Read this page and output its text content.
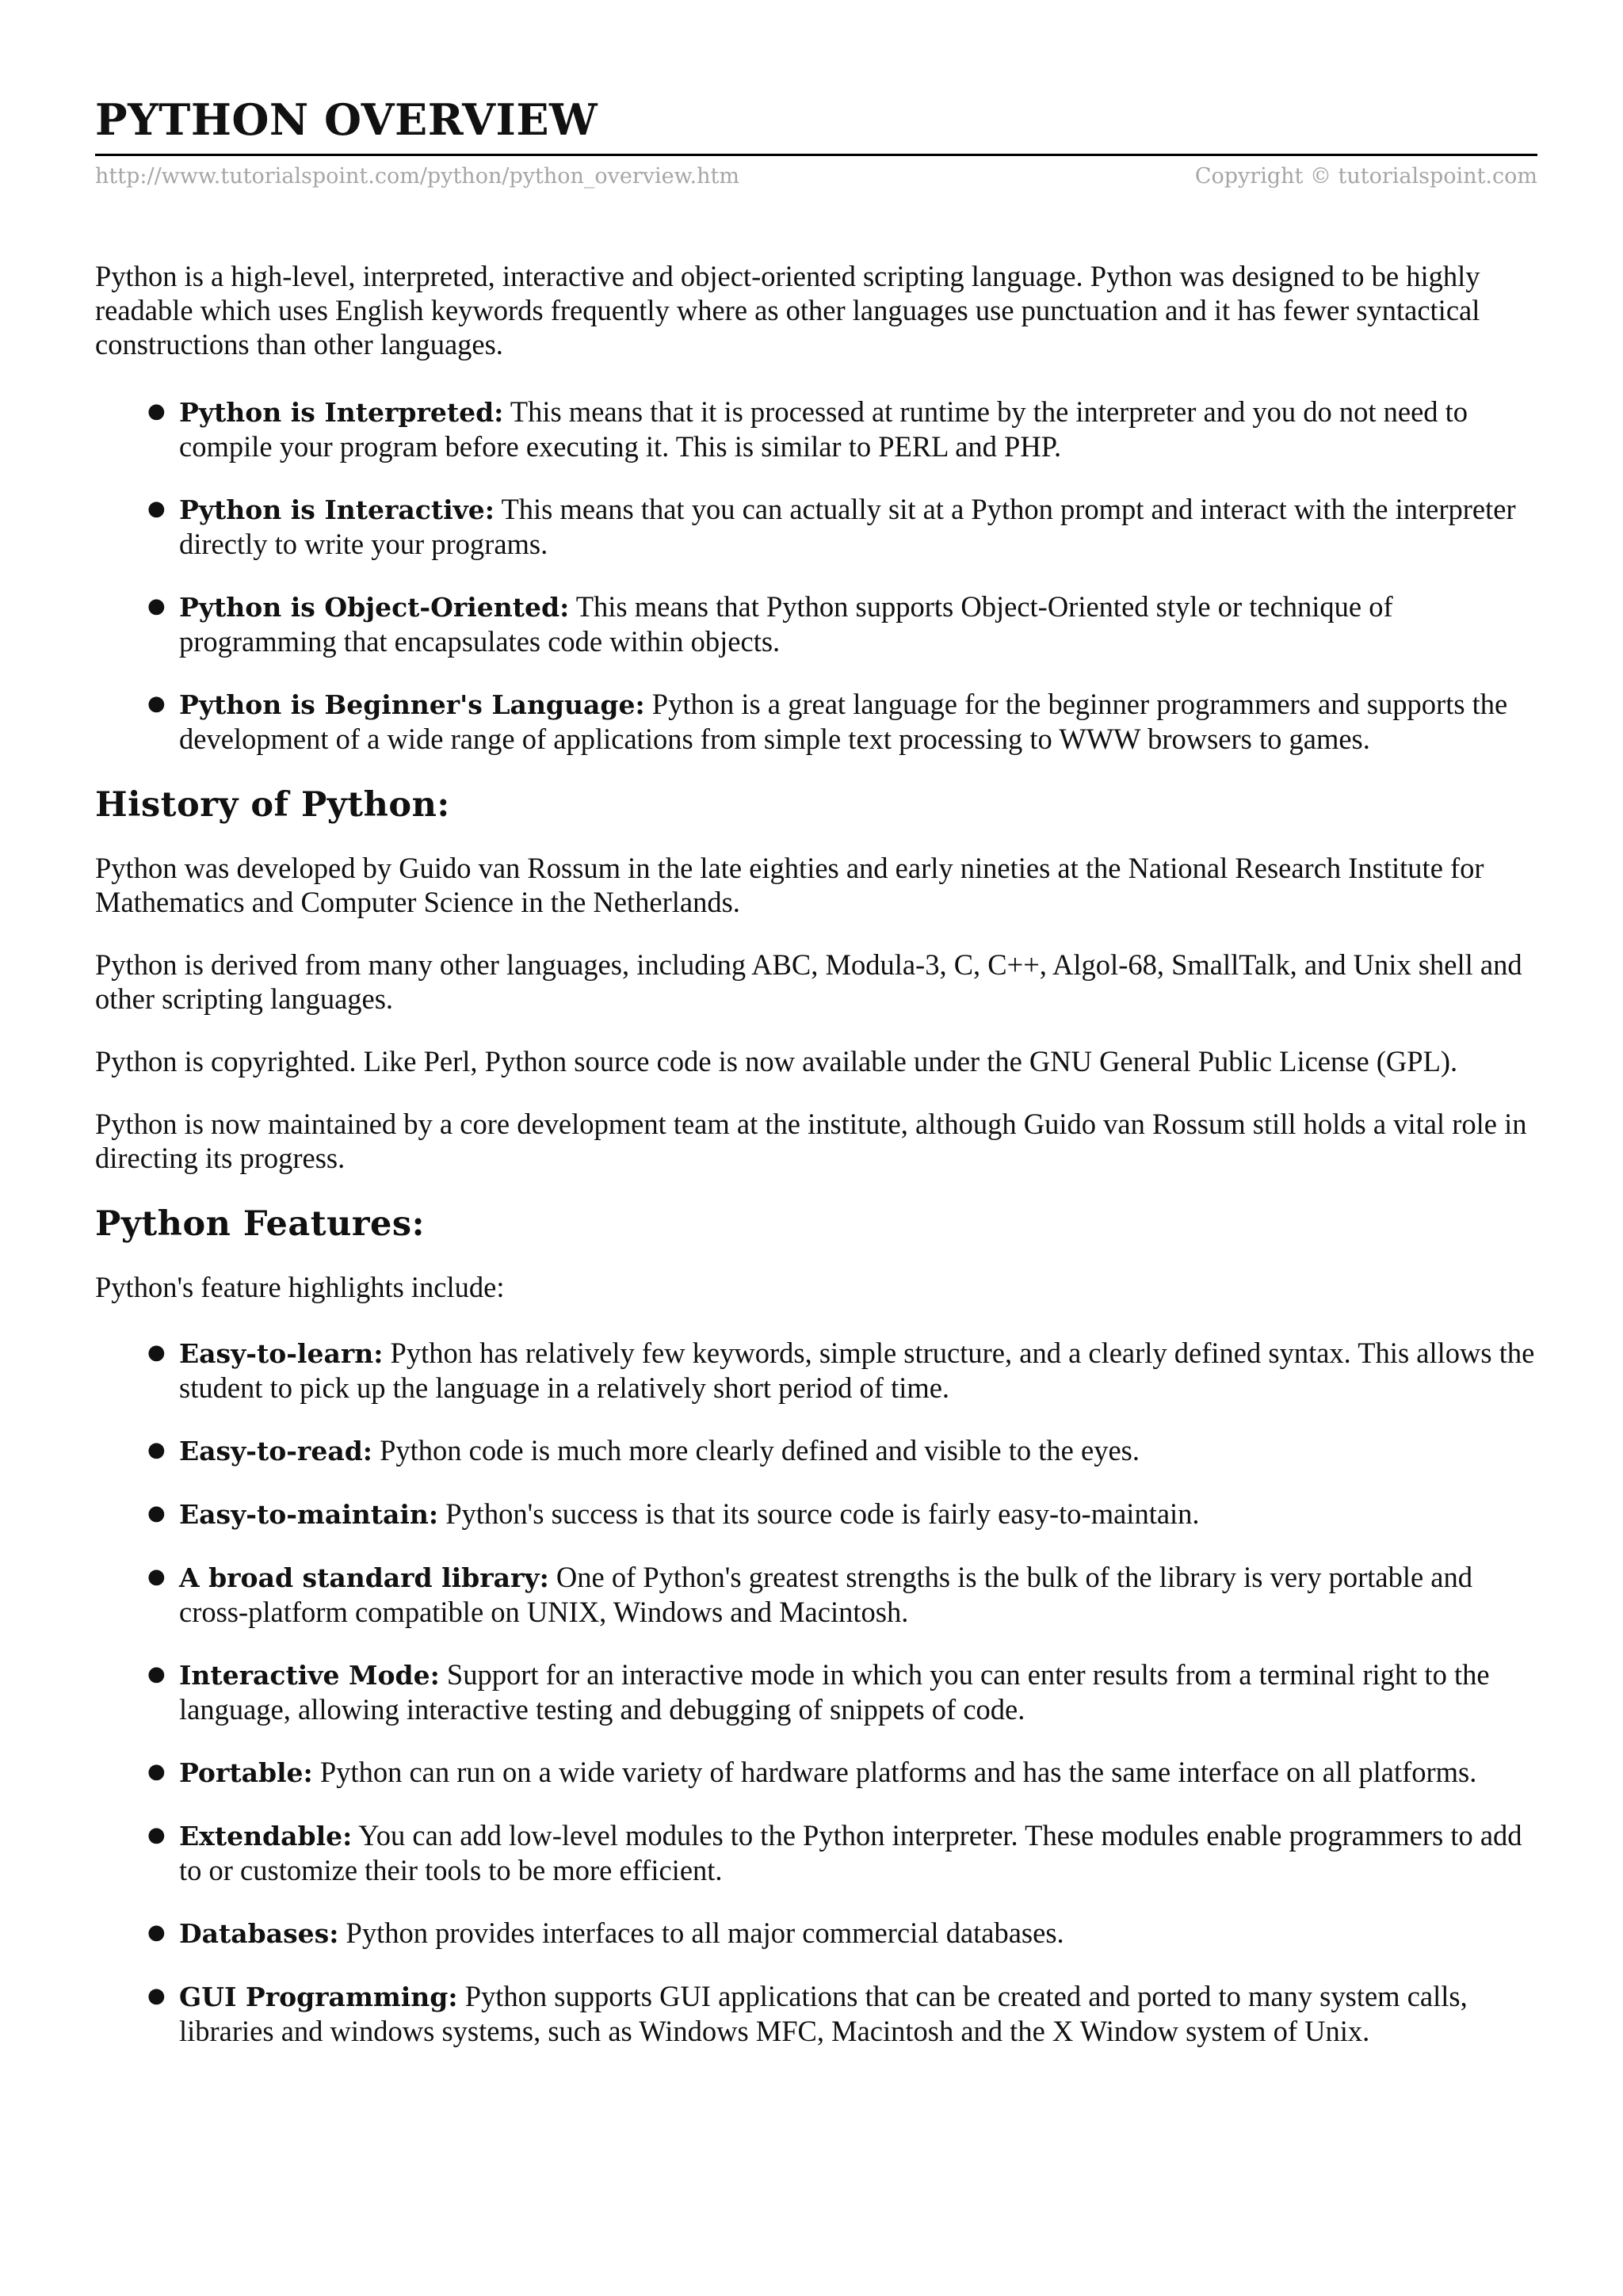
PYTHON OVERVIEW
http://www.tutorialspoint.com/python/python_overview.htm	Copyright © tutorialspoint.com

Python is a high-level, interpreted, interactive and object-oriented scripting language. Python was designed to be highly readable which uses English keywords frequently where as other languages use punctuation and it has fewer syntactical constructions than other languages.

● Python is Interpreted: This means that it is processed at runtime by the interpreter and you do not need to compile your program before executing it. This is similar to PERL and PHP.
● Python is Interactive: This means that you can actually sit at a Python prompt and interact with the interpreter directly to write your programs.
● Python is Object-Oriented: This means that Python supports Object-Oriented style or technique of programming that encapsulates code within objects.
● Python is Beginner's Language: Python is a great language for the beginner programmers and supports the development of a wide range of applications from simple text processing to WWW browsers to games.
History of Python:

Python was developed by Guido van Rossum in the late eighties and early nineties at the National Research Institute for Mathematics and Computer Science in the Netherlands.

Python is derived from many other languages, including ABC, Modula-3, C, C++, Algol-68, SmallTalk, and Unix shell and other scripting languages.

Python is copyrighted. Like Perl, Python source code is now available under the GNU General Public License (GPL).

Python is now maintained by a core development team at the institute, although Guido van Rossum still holds a vital role in directing its progress.

Python Features:

Python's feature highlights include:

● Easy-to-learn: Python has relatively few keywords, simple structure, and a clearly defined syntax. This allows the student to pick up the language in a relatively short period of time.
● Easy-to-read: Python code is much more clearly defined and visible to the eyes.
● Easy-to-maintain: Python's success is that its source code is fairly easy-to-maintain.
● A broad standard library: One of Python's greatest strengths is the bulk of the library is very portable and cross-platform compatible on UNIX, Windows and Macintosh.
● Interactive Mode: Support for an interactive mode in which you can enter results from a terminal right to the language, allowing interactive testing and debugging of snippets of code.
● Portable: Python can run on a wide variety of hardware platforms and has the same interface on all platforms.
● Extendable: You can add low-level modules to the Python interpreter. These modules enable programmers to add to or customize their tools to be more efficient.
● Databases: Python provides interfaces to all major commercial databases.
● GUI Programming: Python supports GUI applications that can be created and ported to many system calls, libraries and windows systems, such as Windows MFC, Macintosh and the X Window system of Unix.
